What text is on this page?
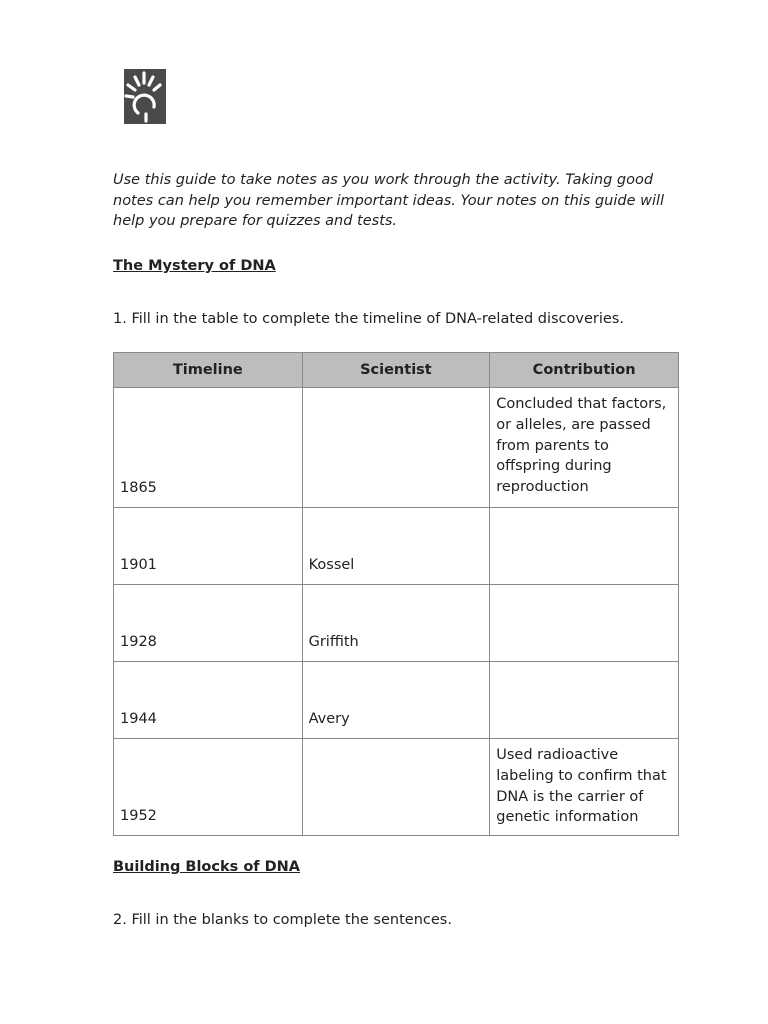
Use this guide to take notes as you work through the activity. Taking good notes can help you remember important ideas. Your notes on this guide will help you prepare for quizzes and tests.

The Mystery of DNA

1. Fill in the table to complete the timeline of DNA-related discoveries.

Timeline	Scientist	Contribution
1865		Concluded that factors, or alleles, are passed from parents to offspring during reproduction
1901	Kossel	
1928	Griffith	
1944	Avery	
1952		Used radioactive labeling to confirm that DNA is the carrier of genetic information

Building Blocks of DNA

2. Fill in the blanks to complete the sentences.
